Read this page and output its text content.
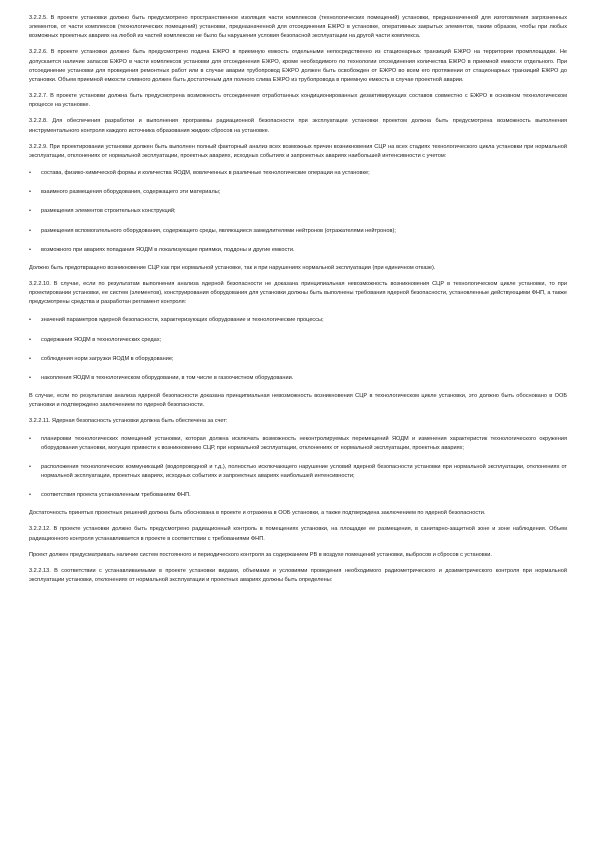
3.2.2.5. В проекте установки должно быть предусмотрено пространственное изоляция части комплексов (технологических помещений) установки, предназначенной для изготовления загрязненных элементов, от части комплексов (технологических помещений) установки, предназначенной для отсоединения ЕЖРО в установке, оперативных закрытых элементов, таким образом, чтобы при любых возможных проектных авариях на любой из частей комплексов не было бы нарушения условия безопасной эксплуатации на другой части комплекса.

3.2.2.6. В проекте установки должно быть предусмотрено подача ЕЖРО в приемную емкость отдельными непосредственно из стационарных транзиций ЕЖРО на территории промплощадки. Не допускается наличие запасов ЕЖРО в части комплексов установки для отсоединения ЕЖРО, кроме необходимого по технологии отсоединения количества ЕЖРО в приемной емкости отдельного. При отсоединение установки для проведения ремонтных работ или в случае аварии трубопровод ЕЖРО должен быть освобожден от ЕЖРО во всем его протяжении от стационарных транзиций ЕЖРО до установки. Объем приемной емкости сливного должен быть достаточным для полного слива ЕЖРО из трубопровода в приемную емкость в случае проектной аварии.

3.2.2.7. В проекте установки должна быть предусмотрена возможность отсоединения отработанных кондиционированных дезактивирующих составов совместно с ЕЖРО в основном технологическом процессе на установке.

3.2.2.8. Для обеспечения разработки и выполнения программы радиационной безопасности при эксплуатации установки проектом должна быть предусмотрена возможность выполнения инструментального контроля каждого источника образования жидких сбросов на установке.

3.2.2.9. При проектировании установки должен быть выполнен полный факторный анализ всех возможных причин возникновения СЦР на всех стадиях технологического цикла установки при нормальной эксплуатации, отклонениях от нормальной эксплуатации, проектных авариях, исходных событиях и запроектных авариях наибольшей интенсивности с учетом:

• состава, физико-химической формы и количества ЯОДМ, вовлеченных в различные технологические операции на установке;
• взаимного размещения оборудования, содержащего эти материалы;
• размещения элементов строительных конструкций;
• размещения вспомогательного оборудования, содержащего среды, являющиеся замедлителями нейтронов (отражателями нейтронов);
• возможного при авариях попадания ЯОДМ в локализующие приямки, поддоны и другие емкости.

Должно быть предотвращено возникновение СЦР как при нормальной установке, так и при нарушениях нормальной эксплуатации (при единичном отказе).

3.2.2.10. В случае, если по результатам выполнения анализа ядерной безопасности не доказана принципиальная невозможность возникновения СЦР в технологическом цикле установки, то при проектировании установки, ее систем (элементов), конструирования оборудования для установки должны быть выполнены требования ядерной безопасности, установленные действующими ФНП, а также предусмотрены средства и разработан регламент контроля:

• значений параметров ядерной безопасности, характеризующих оборудование и технологические процессы;
• содержания ЯОДМ в технологических средах;
• соблюдения норм загрузки ЯОДМ в оборудование;
• накопления ЯОДМ в технологическом оборудовании, в том числе в газоочистном оборудовании.

В случае, если по результатам анализа ядерной безопасности доказана принципиальная невозможность возникновения СЦР в технологическом цикле установки, это должно быть обосновано в ООБ установки и подтверждено заключением по ядерной безопасности.

3.2.2.11. Ядерная безопасность установки должна быть обеспечена за счет:

• планировки технологических помещений установки, которая должна исключать возможность неконтролируемых перемещений ЯОДМ и изменения характеристик технологического окружения оборудования установки, могущих привести к возникновению СЦР, при нормальной эксплуатации, отклонениях от нормальной эксплуатации, проектных авариях;
• расположения технологических коммуникаций (водопроводной и т.д.), полностью исключающего нарушение условий ядерной безопасности установки при нормальной эксплуатации, отклонениях от нормальной эксплуатации, проектных авариях, исходных событиях и запроектных авариях наибольшей интенсивности;
• соответствия проекта установленным требованиям ФНП.

Достаточность принятых проектных решений должна быть обоснована в проекте и отражена в ООБ установки, а также подтверждена заключением по ядерной безопасности.

3.2.2.12. В проекте установки должно быть предусмотрено радиационный контроль в помещениях установки, на площадке ее размещения, в санитарно-защитной зоне и зоне наблюдения. Объем радиационного контроля устанавливается в проекте в соответствии с требованиями ФНП.

Проект должен предусматривать наличие систем постоянного и периодического контроля за содержанием РВ в воздухе помещений установки, выбросов и сбросов с установки.

3.2.2.13. В соответствии с устанавливаемыми в проекте установки видами, объемами и условиями проведения необходимого радиометрического и дозиметрического контроля при нормальной эксплуатации установки, отклонениях от нормальной эксплуатации и проектных авариях должны быть определены:
